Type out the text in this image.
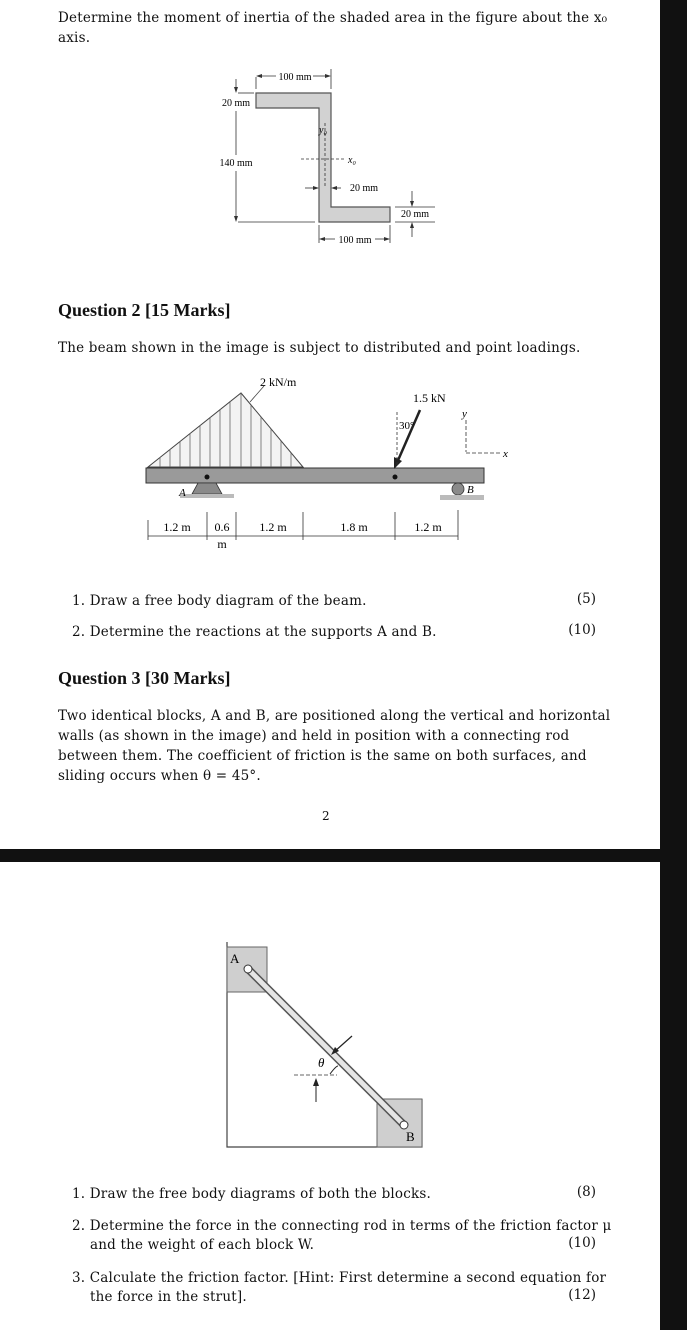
Determine the moment of inertia of the shaded area in the figure about the x₀ axis.
100 mm
20 mm
140 mm
y₀
x₀
20 mm
20 mm
100 mm
Question 2 [15 Marks]
The beam shown in the image is subject to distributed and point loadings.
2 kN/m
A	B
1.5 kN
30°
y
x
1.2 m 0.6
m
1.2 m	1.8 m	1.2 m
1. Draw a free body diagram of the beam.	(5)
2. Determine the reactions at the supports A and B.	(10)
Question 3 [30 Marks]
Two identical blocks, A and B, are positioned along the vertical and horizontal
walls (as shown in the image) and held in position with a connecting rod
between them. The coefficient of friction is the same on both surfaces, and
sliding occurs when θ = 45°.
2
A
B
θ
1. Draw the free body diagrams of both the blocks.	(8)
2. Determine the force in the connecting rod in terms of the friction factor μ
and the weight of each block W.	(10)
3. Calculate the friction factor. [Hint: First determine a second equation for
the force in the strut].	(12)
